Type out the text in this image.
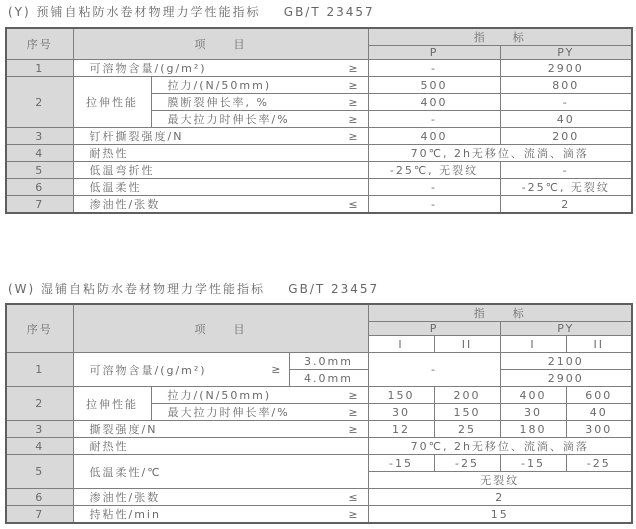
(Y) 预铺自粘防水卷材物理力学性能指标    GB/T 23457
序号	项　　目		指　　标	
			P	PY
1	可溶物含量/(g/m²) ≥		-	2900
2	拉伸性能	拉力/(N/50mm) ≥	500	800

		膜断裂伸长率, % ≥	400	-

		最大拉力时伸长率/% ≥	-	40
3	钉杆撕裂强度/N ≥		400	200
4	耐热性		70℃, 2h无移位、流淌、滴落	
5	低温弯折性		-25℃, 无裂纹	-
6	低温柔性		-	-25℃, 无裂纹
7	渗油性/张数 ≤		-	2
(W) 湿铺自粘防水卷材物理力学性能指标    GB/T 23457
序号	项　　目			指　　标			
				P		PY	
				I	II	I	II
1	可溶物含量/(g/m²) ≥		3.0mm	-		2100	
			4.0mm			2900	
2	拉伸性能	拉力/(N/50mm) ≥		150	200	400	600

		最大拉力时伸长率/% ≥		30	150	30	40
3	撕裂强度/N ≥			12	25	180	300
4	耐热性			70℃, 2h无移位、流淌、滴落			
5	低温柔性/℃			-15	-25	-15	-25
				无裂纹			
6	渗油性/张数 ≤			2			
7	持粘性/min ≥			15			
